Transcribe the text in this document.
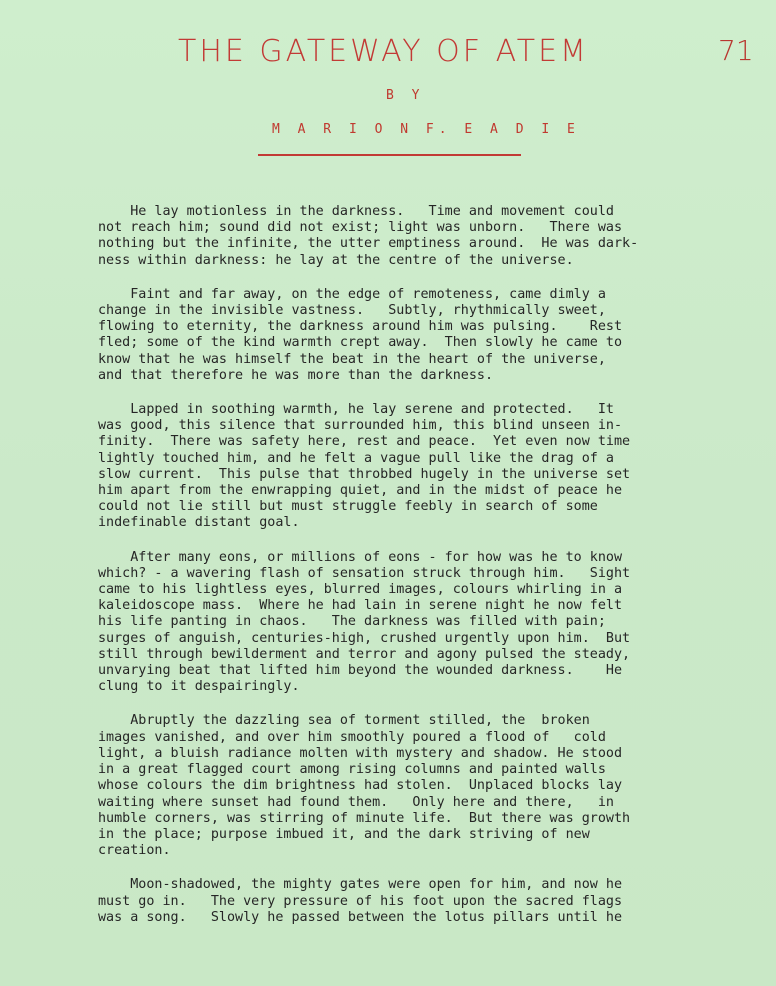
THE GATEWAY OF ATEM	71
B Y
M A R I O N F. E A D I E

He lay motionless in the darkness.   Time and movement could
not reach him; sound did not exist; light was unborn.   There was
nothing but the infinite, the utter emptiness around.  He was dark-
ness within darkness: he lay at the centre of the universe.

Faint and far away, on the edge of remoteness, came dimly a
change in the invisible vastness.   Subtly, rhythmically sweet,
flowing to eternity, the darkness around him was pulsing.    Rest
fled; some of the kind warmth crept away.  Then slowly he came to
know that he was himself the beat in the heart of the universe,
and that therefore he was more than the darkness.

Lapped in soothing warmth, he lay serene and protected.   It
was good, this silence that surrounded him, this blind unseen in-
finity.  There was safety here, rest and peace.  Yet even now time
lightly touched him, and he felt a vague pull like the drag of a
slow current.  This pulse that throbbed hugely in the universe set
him apart from the enwrapping quiet, and in the midst of peace he
could not lie still but must struggle feebly in search of some
indefinable distant goal.

After many eons, or millions of eons - for how was he to know
which? - a wavering flash of sensation struck through him.   Sight
came to his lightless eyes, blurred images, colours whirling in a
kaleidoscope mass.  Where he had lain in serene night he now felt
his life panting in chaos.   The darkness was filled with pain;
surges of anguish, centuries-high, crushed urgently upon him.  But
still through bewilderment and terror and agony pulsed the steady,
unvarying beat that lifted him beyond the wounded darkness.    He
clung to it despairingly.

Abruptly the dazzling sea of torment stilled, the  broken
images vanished, and over him smoothly poured a flood of   cold
light, a bluish radiance molten with mystery and shadow. He stood
in a great flagged court among rising columns and painted walls
whose colours the dim brightness had stolen.  Unplaced blocks lay
waiting where sunset had found them.   Only here and there,   in
humble corners, was stirring of minute life.  But there was growth
in the place; purpose imbued it, and the dark striving of new
creation.

Moon-shadowed, the mighty gates were open for him, and now he
must go in.   The very pressure of his foot upon the sacred flags
was a song.   Slowly he passed between the lotus pillars until he
